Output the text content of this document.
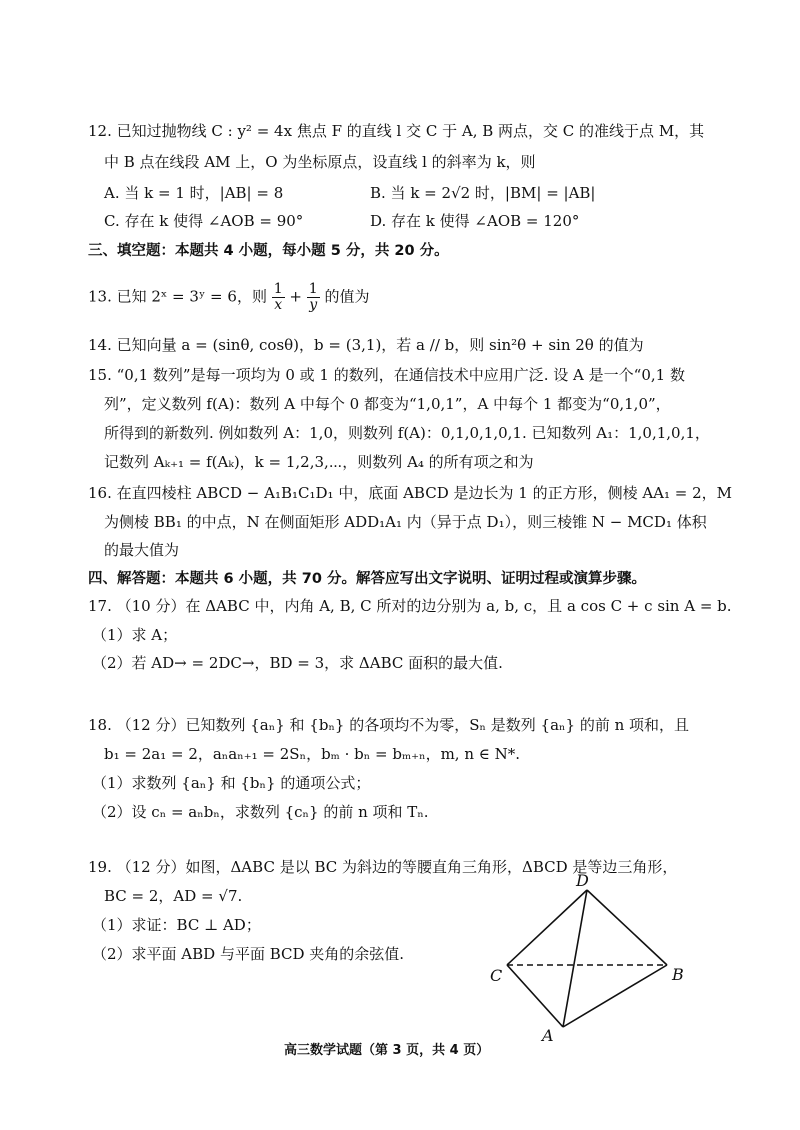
12. 已知过抛物线 C : y² = 4x 焦点 F 的直线 l 交 C 于 A, B 两点，交 C 的准线于点 M，其
中 B 点在线段 AM 上，O 为坐标原点，设直线 l 的斜率为 k，则
A. 当 k = 1 时，|AB| = 8	B. 当 k = 2√2 时，|BM| = |AB|
C. 存在 k 使得 ∠AOB = 90°	D. 存在 k 使得 ∠AOB = 120°
三、填空题：本题共 4 小题，每小题 5 分，共 20 分。
13. 已知 2ˣ = 3ʸ = 6，则 $\frac{1}{x} + \frac{1}{y}$ 的值为
14. 已知向量 a = (sinθ, cosθ)，b = (3,1)，若 a // b，则 sin²θ + sin 2θ 的值为
15. “0,1 数列”是每一项均为 0 或 1 的数列，在通信技术中应用广泛. 设 A 是一个“0,1 数
列”，定义数列 f(A)：数列 A 中每个 0 都变为“1,0,1”，A 中每个 1 都变为“0,1,0”，
所得到的新数列. 例如数列 A：1,0，则数列 f(A)：0,1,0,1,0,1. 已知数列 A₁：1,0,1,0,1，
记数列 Aₖ₊₁ = f(Aₖ)，k = 1,2,3,⋯，则数列 A₄ 的所有项之和为
16. 在直四棱柱 ABCD − A₁B₁C₁D₁ 中，底面 ABCD 是边长为 1 的正方形，侧棱 AA₁ = 2，M
为侧棱 BB₁ 的中点，N 在侧面矩形 ADD₁A₁ 内（异于点 D₁），则三棱锥 N − MCD₁ 体积
的最大值为
四、解答题：本题共 6 小题，共 70 分。解答应写出文字说明、证明过程或演算步骤。
17. （10 分）在 ΔABC 中，内角 A, B, C 所对的边分别为 a, b, c，且 a cos C + c sin A = b.
（1）求 A；
（2）若 AD→ = 2DC→，BD = 3，求 ΔABC 面积的最大值.
18. （12 分）已知数列 {aₙ} 和 {bₙ} 的各项均不为零，Sₙ 是数列 {aₙ} 的前 n 项和，且
b₁ = 2a₁ = 2，aₙaₙ₊₁ = 2Sₙ，bₘ · bₙ = bₘ₊ₙ，m, n ∈ N*.
（1）求数列 {aₙ} 和 {bₙ} 的通项公式；
（2）设 cₙ = aₙbₙ，求数列 {cₙ} 的前 n 项和 Tₙ.
19. （12 分）如图，ΔABC 是以 BC 为斜边的等腰直角三角形，ΔBCD 是等边三角形，
BC = 2，AD = √7.
（1）求证：BC ⊥ AD；
（2）求平面 ABD 与平面 BCD 夹角的余弦值.
D
C	B
A
高三数学试题（第 3 页，共 4 页）
